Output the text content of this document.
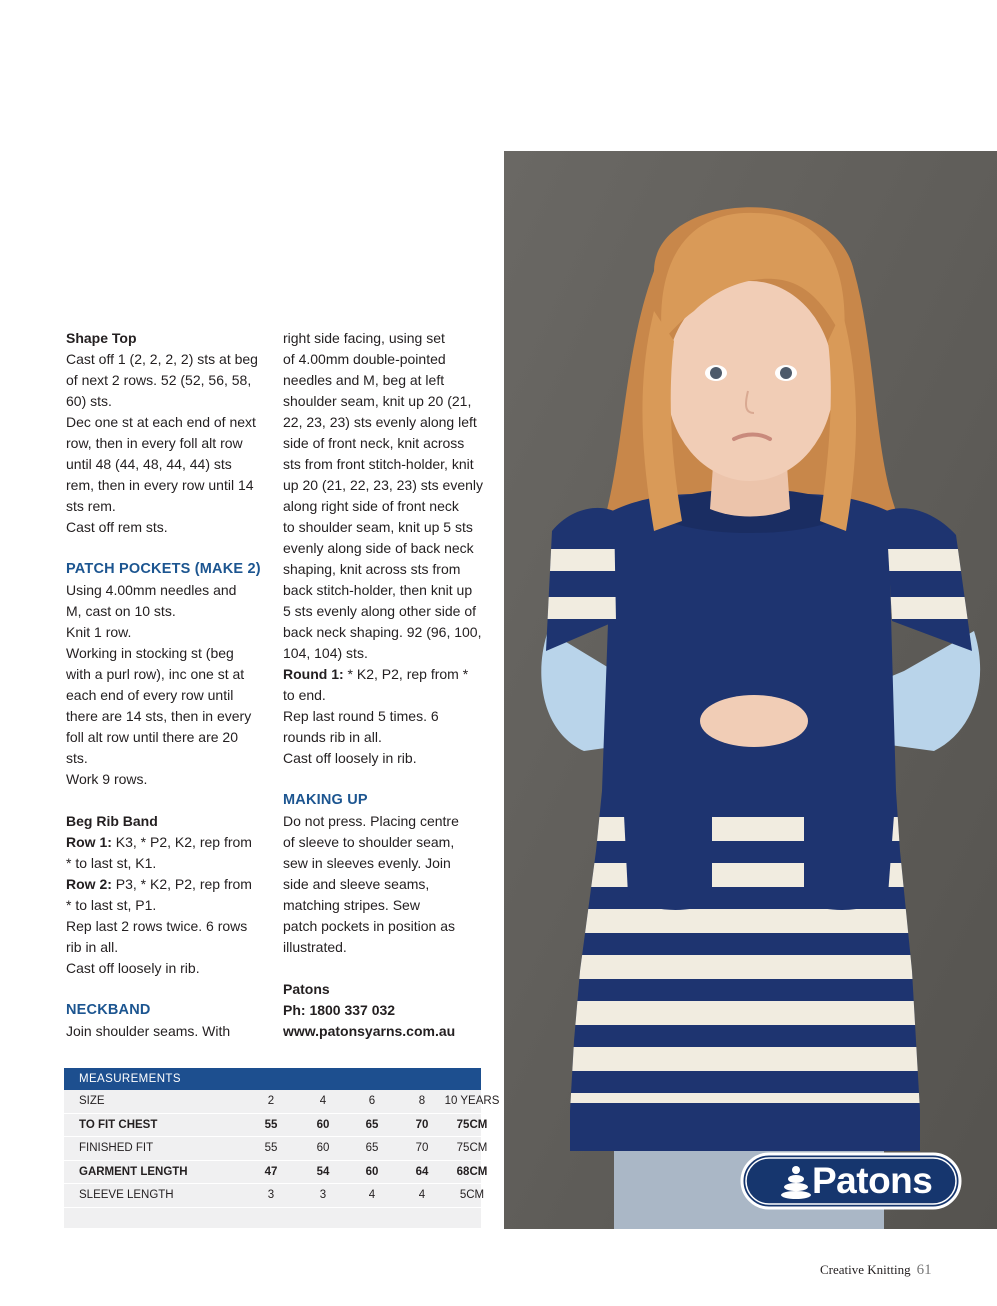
Shape Top

Cast off 1 (2, 2, 2, 2) sts at beg

of next 2 rows. 52 (52, 56, 58,

60) sts.

Dec one st at each end of next

row, then in every foll alt row

until 48 (44, 48, 44, 44) sts

rem, then in every row until 14

sts rem.

Cast off rem sts.

PATCH POCKETS (MAKE 2)

Using 4.00mm needles and

M, cast on 10 sts.

Knit 1 row.

Working in stocking st (beg

with a purl row), inc one st at

each end of every row until

there are 14 sts, then in every

foll alt row until there are 20

sts.

Work 9 rows.

Beg Rib Band

Row 1: K3, * P2, K2, rep from

* to last st, K1.

Row 2: P3, * K2, P2, rep from

* to last st, P1.

Rep last 2 rows twice. 6 rows

rib in all.

Cast off loosely in rib.

NECKBAND

Join shoulder seams. With

right side facing, using set

of 4.00mm double-pointed

needles and M, beg at left

shoulder seam, knit up 20 (21,

22, 23, 23) sts evenly along left

side of front neck, knit across

sts from front stitch-holder, knit

up 20 (21, 22, 23, 23) sts evenly

along right side of front neck

to shoulder seam, knit up 5 sts

evenly along side of back neck

shaping, knit across sts from

back stitch-holder, then knit up

5 sts evenly along other side of

back neck shaping. 92 (96, 100,

104, 104) sts.

Round 1: * K2, P2, rep from *

to end.

Rep last round 5 times. 6

rounds rib in all.

Cast off loosely in rib.

MAKING UP

Do not press. Placing centre

of sleeve to shoulder seam,

sew in sleeves evenly. Join

side and sleeve seams,

matching stripes. Sew

patch pockets in position as

illustrated.

Patons

Ph: 1800 337 032

www.patonsyarns.com.au

MEASUREMENTS
SIZE	2	4	6	8	10 YEARS
TO FIT CHEST	55	60	65	70	75CM
FINISHED FIT	55	60	65	70	75CM
GARMENT LENGTH	47	54	60	64	68CM
SLEEVE LENGTH	3	3	4	4	5CM	Patons
Creative Knitting 61
